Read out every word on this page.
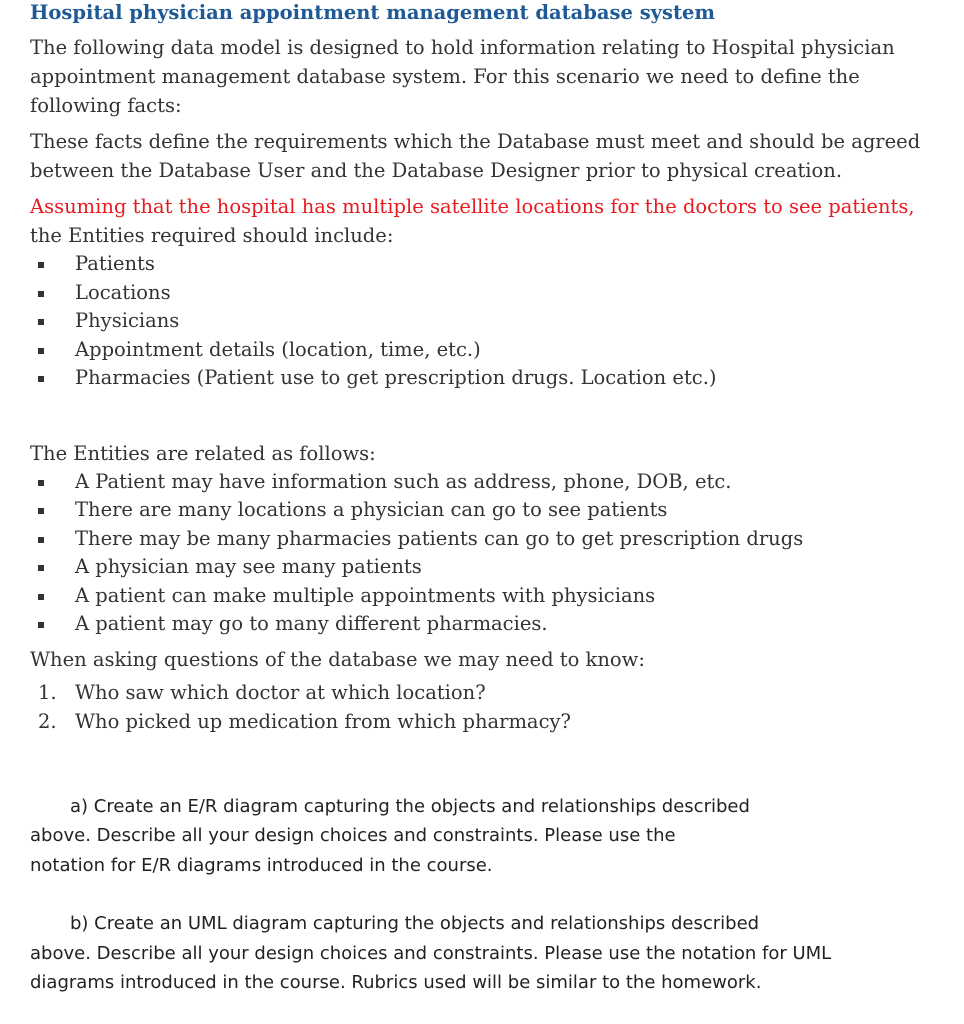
Hospital physician appointment management database system

The following data model is designed to hold information relating to Hospital physician appointment management database system. For this scenario we need to define the following facts:

These facts define the requirements which the Database must meet and should be agreed between the Database User and the Database Designer prior to physical creation.

Assuming that the hospital has multiple satellite locations for the doctors to see patients,
the Entities required should include:

Patients
Locations
Physicians
Appointment details (location, time, etc.)
Pharmacies (Patient use to get prescription drugs. Location etc.)

The Entities are related as follows:

A Patient may have information such as address, phone, DOB, etc.
There are many locations a physician can go to see patients
There may be many pharmacies patients can go to get prescription drugs
A physician may see many patients
A patient can make multiple appointments with physicians
A patient may go to many different pharmacies.

When asking questions of the database we may need to know:

1. Who saw which doctor at which location?
2. Who picked up medication from which pharmacy?

a) Create an E/R diagram capturing the objects and relationships described
above. Describe all your design choices and constraints. Please use the
notation for E/R diagrams introduced in the course.

b) Create an UML diagram capturing the objects and relationships described
above. Describe all your design choices and constraints. Please use the notation for UML
diagrams introduced in the course. Rubrics used will be similar to the homework.
